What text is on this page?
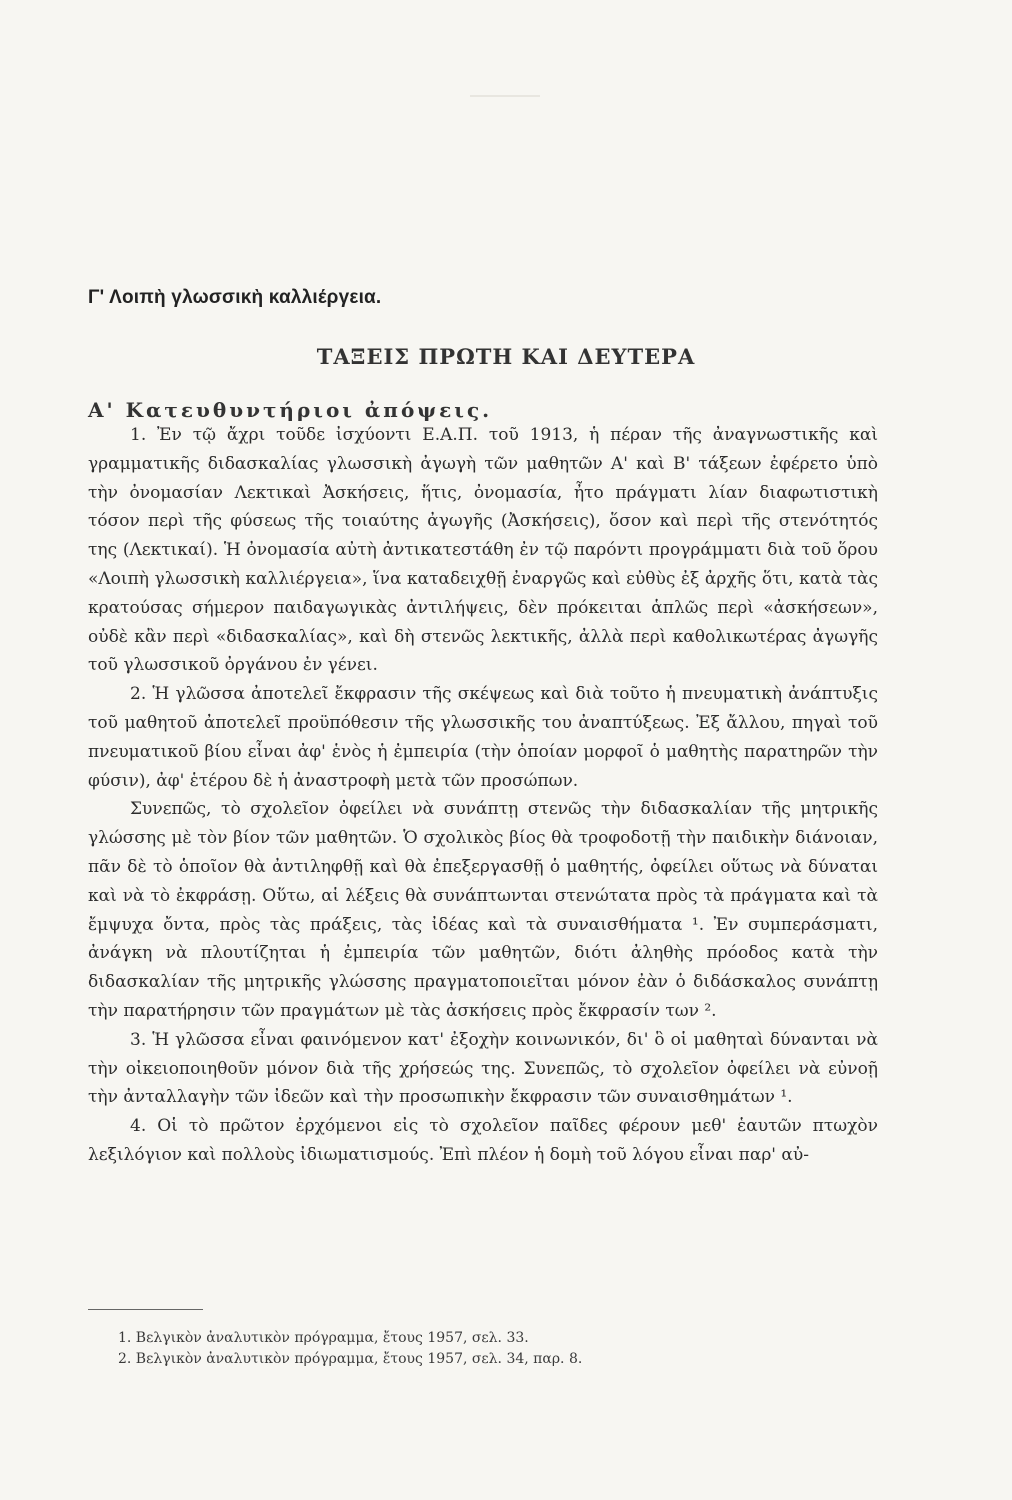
Γ' Λοιπὴ γλωσσικὴ καλλιέργεια.
ΤΑΞΕΙΣ ΠΡΩΤΗ ΚΑΙ ΔΕΥΤΕΡΑ
Α' Κατευθυντήριοι ἀπόψεις.

1. Ἐν τῷ ἄχρι τοῦδε ἰσχύοντι Ε.Α.Π. τοῦ 1913, ἡ πέραν τῆς ἀναγνωστικῆς καὶ γραμματικῆς διδασκαλίας γλωσσικὴ ἀγωγὴ τῶν μαθητῶν Α' καὶ Β' τάξεων ἐφέρετο ὑπὸ τὴν ὀνομασίαν Λεκτικαὶ Ἀσκήσεις, ἥτις, ὀνομασία, ἦτο πράγματι λίαν διαφωτιστικὴ τόσον περὶ τῆς φύσεως τῆς τοιαύτης ἀγωγῆς (Ἀσκήσεις), ὅσον καὶ περὶ τῆς στενότητός της (Λεκτικαί). Ἡ ὀνομασία αὐτὴ ἀντικατεστάθη ἐν τῷ παρόντι προγράμματι διὰ τοῦ ὅρου «Λοιπὴ γλωσσικὴ καλλιέργεια», ἵνα καταδειχθῇ ἐναργῶς καὶ εὐθὺς ἐξ ἀρχῆς ὅτι, κατὰ τὰς κρατούσας σήμερον παιδαγωγικὰς ἀντιλήψεις, δὲν πρόκειται ἁπλῶς περὶ «ἀσκήσεων», οὐδὲ κἂν περὶ «διδασκαλίας», καὶ δὴ στενῶς λεκτικῆς, ἀλλὰ περὶ καθολικωτέρας ἀγωγῆς τοῦ γλωσσικοῦ ὀργάνου ἐν γένει.

2. Ἡ γλῶσσα ἀποτελεῖ ἔκφρασιν τῆς σκέψεως καὶ διὰ τοῦτο ἡ πνευματικὴ ἀνάπτυξις τοῦ μαθητοῦ ἀποτελεῖ προϋπόθεσιν τῆς γλωσσικῆς του ἀναπτύξεως. Ἐξ ἄλλου, πηγαὶ τοῦ πνευματικοῦ βίου εἶναι ἀφ' ἑνὸς ἡ ἐμπειρία (τὴν ὁποίαν μορφοῖ ὁ μαθητὴς παρατηρῶν τὴν φύσιν), ἀφ' ἑτέρου δὲ ἡ ἀναστροφὴ μετὰ τῶν προσώπων.

Συνεπῶς, τὸ σχολεῖον ὀφείλει νὰ συνάπτῃ στενῶς τὴν διδασκαλίαν τῆς μητρικῆς γλώσσης μὲ τὸν βίον τῶν μαθητῶν. Ὁ σχολικὸς βίος θὰ τροφοδοτῇ τὴν παιδικὴν διάνοιαν, πᾶν δὲ τὸ ὁποῖον θὰ ἀντιληφθῇ καὶ θὰ ἐπεξεργασθῇ ὁ μαθητής, ὀφείλει οὕτως νὰ δύναται καὶ νὰ τὸ ἐκφράσῃ. Οὕτω, αἱ λέξεις θὰ συνάπτωνται στενώτατα πρὸς τὰ πράγματα καὶ τὰ ἔμψυχα ὄντα, πρὸς τὰς πράξεις, τὰς ἰδέας καὶ τὰ συναισθήματα ¹. Ἐν συμπεράσματι, ἀνάγκη νὰ πλουτίζηται ἡ ἐμπειρία τῶν μαθητῶν, διότι ἀληθὴς πρόοδος κατὰ τὴν διδασκαλίαν τῆς μητρικῆς γλώσσης πραγματοποιεῖται μόνον ἐὰν ὁ διδάσκαλος συνάπτῃ τὴν παρατήρησιν τῶν πραγμάτων μὲ τὰς ἀσκήσεις πρὸς ἔκφρασίν των ².

3. Ἡ γλῶσσα εἶναι φαινόμενον κατ' ἐξοχὴν κοινωνικόν, δι' ὃ οἱ μαθηταὶ δύνανται νὰ τὴν οἰκειοποιηθοῦν μόνον διὰ τῆς χρήσεώς της. Συνεπῶς, τὸ σχολεῖον ὀφείλει νὰ εὐνοῇ τὴν ἀνταλλαγὴν τῶν ἰδεῶν καὶ τὴν προσωπικὴν ἔκφρασιν τῶν συναισθημάτων ¹.

4. Οἱ τὸ πρῶτον ἐρχόμενοι εἰς τὸ σχολεῖον παῖδες φέρουν μεθ' ἑαυτῶν πτωχὸν λεξιλόγιον καὶ πολλοὺς ἰδιωματισμούς. Ἐπὶ πλέον ἡ δομὴ τοῦ λόγου εἶναι παρ' αὐ-

1. Βελγικὸν ἀναλυτικὸν πρόγραμμα, ἔτους 1957, σελ. 33.

2. Βελγικὸν ἀναλυτικὸν πρόγραμμα, ἔτους 1957, σελ. 34, παρ. 8.
